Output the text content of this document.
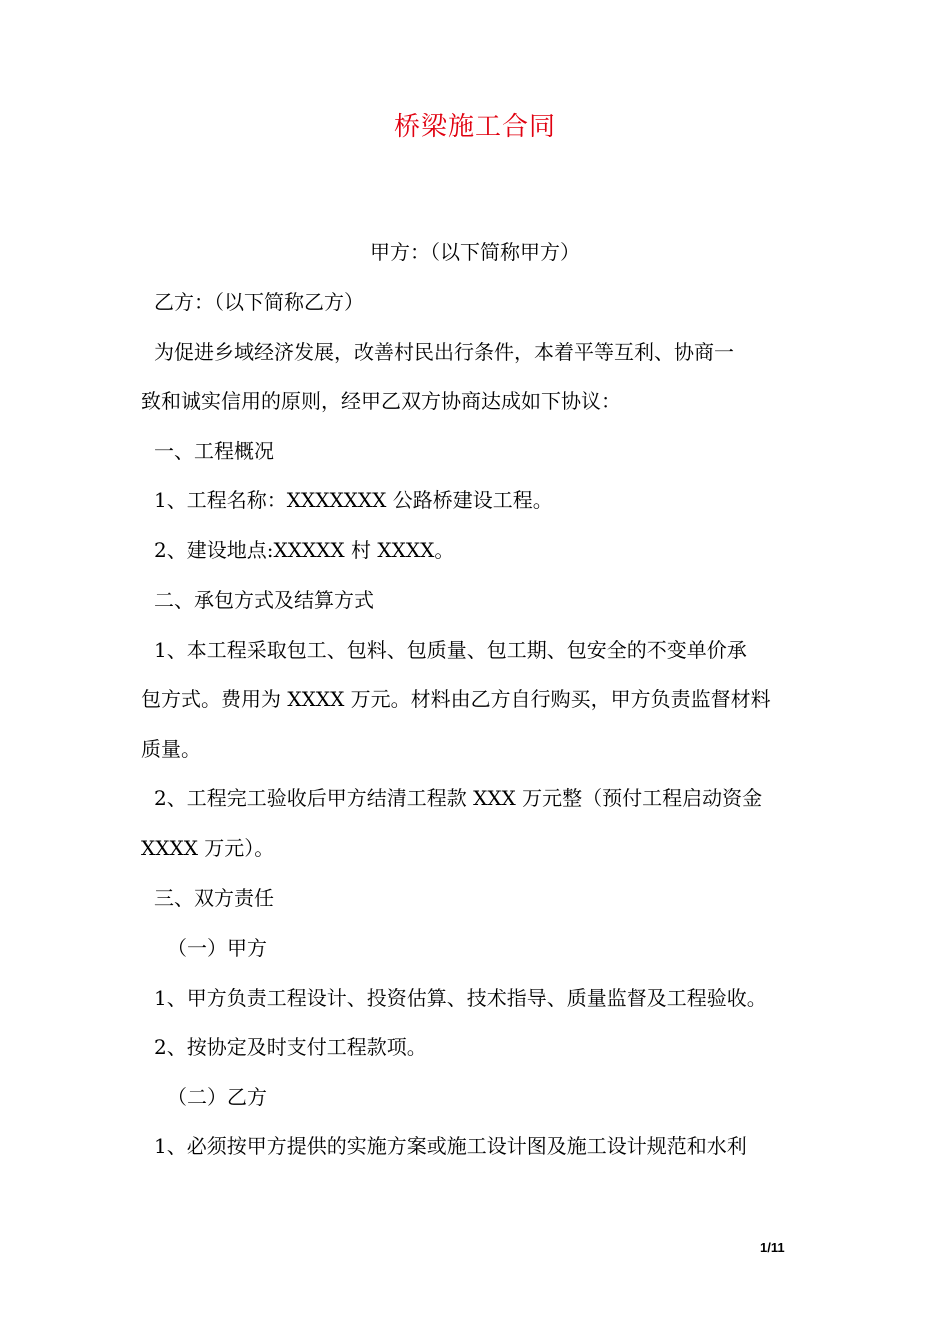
桥梁施工合同
甲方：（以下简称甲方）
乙方：（以下简称乙方）
为促进乡域经济发展，改善村民出行条件，本着平等互利、协商一
致和诚实信用的原则，经甲乙双方协商达成如下协议：
一、工程概况
1、工程名称：XXXXXXX 公路桥建设工程。
2、建设地点:XXXXX 村 XXXX。
二、承包方式及结算方式
1、本工程采取包工、包料、包质量、包工期、包安全的不变单价承
包方式。费用为 XXXX 万元。材料由乙方自行购买，甲方负责监督材料
质量。
2、工程完工验收后甲方结清工程款 XXX 万元整（预付工程启动资金
XXXX 万元）。
三、双方责任
（一）甲方
1、甲方负责工程设计、投资估算、技术指导、质量监督及工程验收。
2、按协定及时支付工程款项。
（二）乙方
1、必须按甲方提供的实施方案或施工设计图及施工设计规范和水利
1/11
